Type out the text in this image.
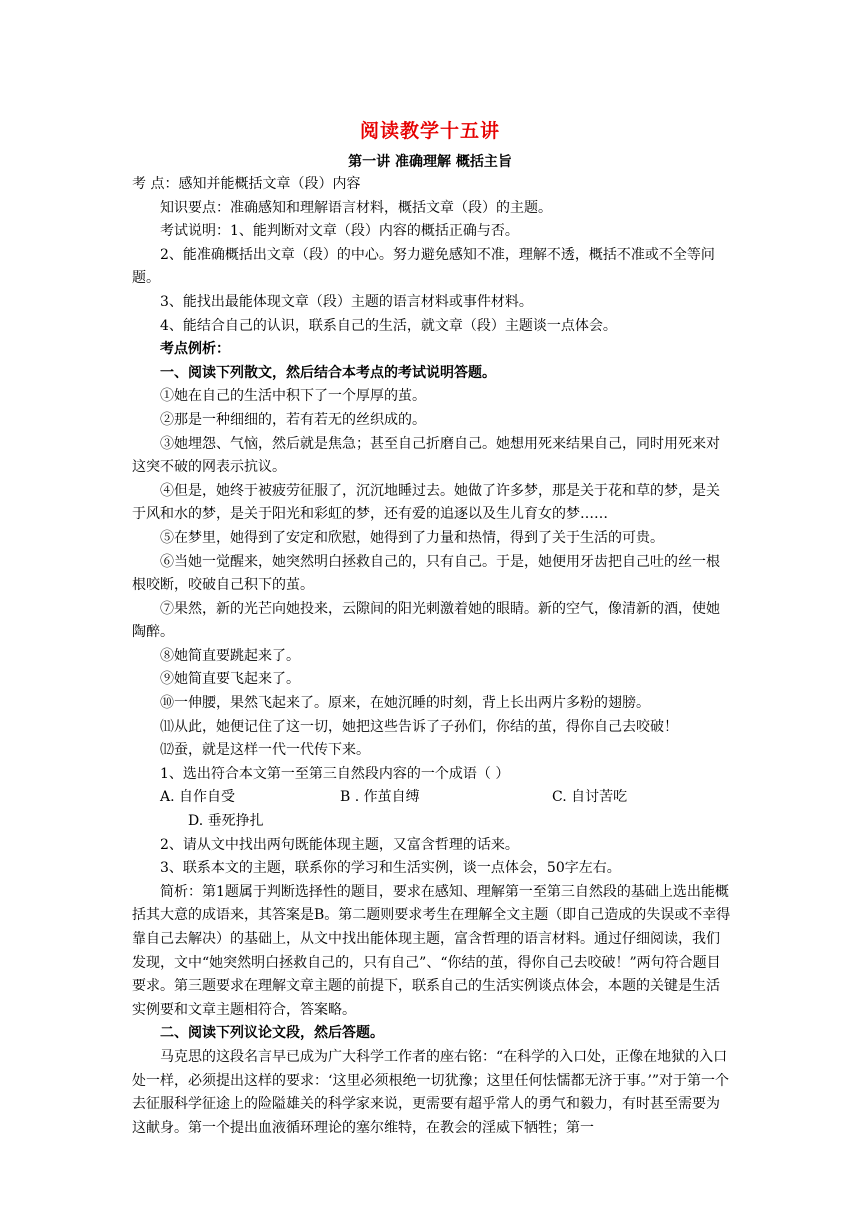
阅读教学十五讲
第一讲 准确理解 概括主旨

考 点：感知并能概括文章（段）内容

知识要点：准确感知和理解语言材料，概括文章（段）的主题。

考试说明：1、能判断对文章（段）内容的概括正确与否。

2、能准确概括出文章（段）的中心。努力避免感知不准，理解不透，概括不准或不全等问题。

3、能找出最能体现文章（段）主题的语言材料或事件材料。

4、能结合自己的认识，联系自己的生活，就文章（段）主题谈一点体会。

考点例析：

一、阅读下列散文，然后结合本考点的考试说明答题。

①她在自己的生活中积下了一个厚厚的茧。

②那是一种细细的，若有若无的丝织成的。

③她埋怨、气恼，然后就是焦急；甚至自己折磨自己。她想用死来结果自己，同时用死来对这突不破的网表示抗议。

④但是，她终于被疲劳征服了，沉沉地睡过去。她做了许多梦，那是关于花和草的梦，是关于风和水的梦，是关于阳光和彩虹的梦，还有爱的追逐以及生儿育女的梦……

⑤在梦里，她得到了安定和欣慰，她得到了力量和热情，得到了关于生活的可贵。

⑥当她一觉醒来，她突然明白拯救自己的，只有自己。于是，她便用牙齿把自己吐的丝一根根咬断，咬破自己积下的茧。

⑦果然，新的光芒向她投来，云隙间的阳光刺激着她的眼睛。新的空气，像清新的酒，使她陶醉。

⑧她简直要跳起来了。

⑨她简直要飞起来了。

⑩一伸腰，果然飞起来了。原来，在她沉睡的时刻，背上长出两片多粉的翅膀。

⑾从此，她便记住了这一切，她把这些告诉了子孙们，你结的茧，得你自己去咬破！

⑿蚕，就是这样一代一代传下来。

1、选出符合本文第一至第三自然段内容的一个成语（ ）

A. 自作自受	B . 作茧自缚	C. 自讨苦吃
D. 垂死挣扎

2、请从文中找出两句既能体现主题，又富含哲理的话来。

3、联系本文的主题，联系你的学习和生活实例，谈一点体会，50字左右。

简析：第1题属于判断选择性的题目，要求在感知、理解第一至第三自然段的基础上选出能概括其大意的成语来，其答案是B。第二题则要求考生在理解全文主题（即自己造成的失误或不幸得靠自己去解决）的基础上，从文中找出能体现主题，富含哲理的语言材料。通过仔细阅读，我们发现，文中“她突然明白拯救自己的，只有自己”、“你结的茧，得你自己去咬破！”两句符合题目要求。第三题要求在理解文章主题的前提下，联系自己的生活实例谈点体会，本题的关键是生活实例要和文章主题相符合，答案略。

二、阅读下列议论文段，然后答题。

马克思的这段名言早已成为广大科学工作者的座右铭：“在科学的入口处，正像在地狱的入口处一样，必须提出这样的要求：‘这里必须根绝一切犹豫；这里任何怯懦都无济于事。’”对于第一个去征服科学征途上的险隘雄关的科学家来说，更需要有超乎常人的勇气和毅力，有时甚至需要为这献身。第一个提出血液循环理论的塞尔维特，在教会的淫威下牺牲；第一
